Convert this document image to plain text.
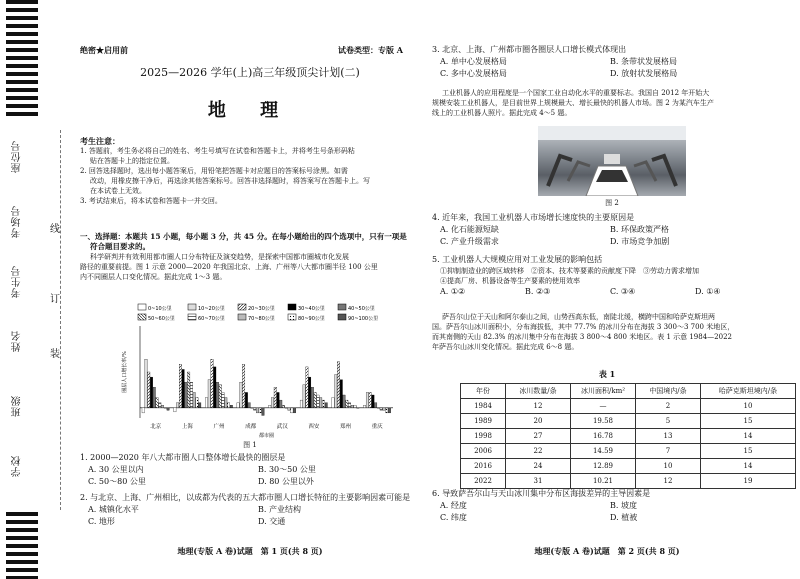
座位号
考场号
考生号
姓名
班级
学校
线
订
装
绝密★启用前	试卷类型：专版 A
2025—2026 学年(上)高三年级顶尖计划(二)
地 理
考生注意：
1. 答题前，考生务必将自己的姓名、考生号填写在试卷和答题卡上，并将考生号条形码粘
贴在答题卡上的指定位置。
2. 回答选择题时，选出每小题答案后，用铅笔把答题卡对应题目的答案标号涂黑。如需
改动，用橡皮擦干净后，再选涂其他答案标号。回答非选择题时，将答案写在答题卡上。写
在本试卷上无效。
3. 考试结束后，将本试卷和答题卡一并交回。
一、选择题：本题共 15 小题，每小题 3 分，共 45 分。在每小题给出的四个选项中，只有一项是
符合题目要求的。
科学研判并有效利用都市圈人口分布特征及演变趋势，是探索中国都市圈城市化发展
路径的重要前提。图 1 示意 2000—2020 年我国北京、上海、广州等八大都市圈半径 100 公里
内不同圈层人口变化情况。据此完成 1～3 题。
0~10公里	10~20公里	20~30公里	30~40公里	40~50公里
50~60公里	60~70公里	70~80公里	80~90公里	90~100公里
圈层人口增长率/%
北京	上海	广州	成都	武汉	西安	郑州	重庆
都市圈
图 1
1. 2000—2020 年八大都市圈人口整体增长最快的圈层是
A. 30 公里以内	B. 30～50 公里
C. 50～80 公里	D. 80 公里以外
2. 与北京、上海、广州相比，以成都为代表的五大都市圈人口增长特征的主要影响因素可能是
A. 城镇化水平	B. 产业结构
C. 地形	D. 交通
地理(专版 A 卷)试题　第 1 页(共 8 页)
3. 北京、上海、广州都市圈各圈层人口增长模式体现出
A. 单中心发展格局	B. 条带状发展格局
C. 多中心发展格局	D. 放射状发展格局
工业机器人的应用程度是一个国家工业自动化水平的重要标志。我国自 2012 年开始大
规模安装工业机器人，是目前世界上规模最大、增长最快的机器人市场。图 2 为某汽车生产
线上的工业机器人照片。据此完成 4～5 题。
图 2
4. 近年来，我国工业机器人市场增长速度快的主要原因是
A. 化石能源短缺	B. 环保政策严格
C. 产业升级需求	D. 市场竞争加剧
5. 工业机器人大规模应用对工业发展的影响包括
①抑制制造业的跨区域转移　②资本、技术等要素的贡献度下降　③劳动力需求增加
④提高厂房、机器设备等生产要素的使用效率
A. ①②	B. ②③	C. ③④	D. ①④
萨吾尔山位于天山和阿尔泰山之间，山势西高东低，南陡北缓，横跨中国和哈萨克斯坦两
国。萨吾尔山冰川面积小，分布海拔低，其中 77.7% 的冰川分布在海拔 3 300～3 700 米地区，
而其南侧的天山 82.3% 的冰川集中分布在海拔 3 800～4 800 米地区。表 1 示意 1984—2022
年萨吾尔山冰川变化情况。据此完成 6～8 题。
表 1
年份	冰川数量/条	冰川面积/km²	中国境内/条	哈萨克斯坦境内/条
1984	12	—	2	10
1989	20	19.58	5	15
1998	27	16.78	13	14
2006	22	14.59	7	15
2016	24	12.89	10	14
2022	31	10.21	12	19
6. 导致萨吾尔山与天山冰川集中分布区海拔差异的主导因素是
A. 经度	B. 坡度
C. 纬度	D. 植被
地理(专版 A 卷)试题　第 2 页(共 8 页)
